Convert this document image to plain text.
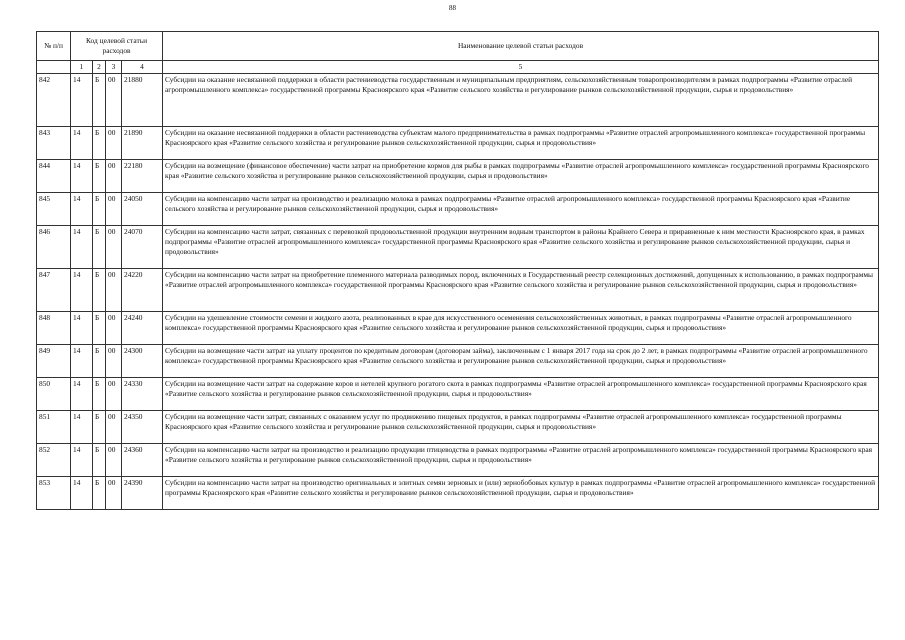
88
№ п/п	Код целевой статьи расходов				Наименование целевой статьи расходов
	1	2	3	4	5
842	14	Б	00	21880	Субсидии на оказание несвязанной поддержки в области растениеводства государственным и муниципальным предприятиям, сельскохозяйственным товаропроизводителям в рамках подпрограммы «Развитие отраслей агропромышленного комплекса» государственной программы Красноярского края «Развитие сельского хозяйства и регулирование рынков сельскохозяйственной продукции, сырья и продовольствия»
843	14	Б	00	21890	Субсидии на оказание несвязанной поддержки в области растениеводства субъектам малого предпринимательства в рамках подпрограммы «Развитие отраслей агропромышленного комплекса» государственной программы Красноярского края «Развитие сельского хозяйства и регулирование рынков сельскохозяйственной продукции, сырья и продовольствия»
844	14	Б	00	22180	Субсидии на возмещение (финансовое обеспечение) части затрат на приобретение кормов для рыбы в рамках подпрограммы «Развитие отраслей агропромышленного комплекса» государственной программы Красноярского края «Развитие сельского хозяйства и регулирование рынков сельскохозяйственной продукции, сырья и продовольствия»
845	14	Б	00	24050	Субсидии на компенсацию части затрат на производство и реализацию молока в рамках подпрограммы «Развитие отраслей агропромышленного комплекса» государственной программы Красноярского края «Развитие сельского хозяйства и регулирование рынков сельскохозяйственной продукции, сырья и продовольствия»
846	14	Б	00	24070	Субсидии на компенсацию части затрат, связанных с перевозкой продовольственной продукции внутренним водным транспортом в районы Крайнего Севера и приравненные к ним местности Красноярского края, в рамках подпрограммы «Развитие отраслей агропромышленного комплекса» государственной программы Красноярского края «Развитие сельского хозяйства и регулирование рынков сельскохозяйственной продукции, сырья и продовольствия»
847	14	Б	00	24220	Субсидии на компенсацию части затрат на приобретение племенного материала разводимых пород, включенных в Государственный реестр селекционных достижений, допущенных к использованию, в рамках подпрограммы «Развитие отраслей агропромышленного комплекса» государственной программы Красноярского края «Развитие сельского хозяйства и регулирование рынков сельскохозяйственной продукции, сырья и продовольствия»
848	14	Б	00	24240	Субсидии на удешевление стоимости семени и жидкого азота, реализованных в крае для искусственного осеменения сельскохозяйственных животных, в рамках подпрограммы «Развитие отраслей агропромышленного комплекса» государственной программы Красноярского края «Развитие сельского хозяйства и регулирование рынков сельскохозяйственной продукции, сырья и продовольствия»
849	14	Б	00	24300	Субсидии на возмещение части затрат на уплату процентов по кредитным договорам (договорам займа), заключенным с 1 января 2017 года на срок до 2 лет, в рамках подпрограммы «Развитие отраслей агропромышленного комплекса» государственной программы Красноярского края «Развитие сельского хозяйства и регулирование рынков сельскохозяйственной продукции, сырья и продовольствия»
850	14	Б	00	24330	Субсидии на возмещение части затрат на содержание коров и нетелей крупного рогатого скота в рамках подпрограммы «Развитие отраслей агропромышленного комплекса» государственной программы Красноярского края «Развитие сельского хозяйства и регулирование рынков сельскохозяйственной продукции, сырья и продовольствия»
851	14	Б	00	24350	Субсидии на возмещение части затрат, связанных с оказанием услуг по продвижению пищевых продуктов, в рамках подпрограммы «Развитие отраслей агропромышленного комплекса» государственной программы Красноярского края «Развитие сельского хозяйства и регулирование рынков сельскохозяйственной продукции, сырья и продовольствия»
852	14	Б	00	24360	Субсидии на компенсацию части затрат на производство и реализацию продукции птицеводства в рамках подпрограммы «Развитие отраслей агропромышленного комплекса» государственной программы Красноярского края «Развитие сельского хозяйства и регулирование рынков сельскохозяйственной продукции, сырья и продовольствия»
853	14	Б	00	24390	Субсидии на компенсацию части затрат на производство оригинальных и элитных семян зерновых и (или) зернобобовых культур в рамках подпрограммы «Развитие отраслей агропромышленного комплекса» государственной программы Красноярского края «Развитие сельского хозяйства и регулирование рынков сельскохозяйственной продукции, сырья и продовольствия»
